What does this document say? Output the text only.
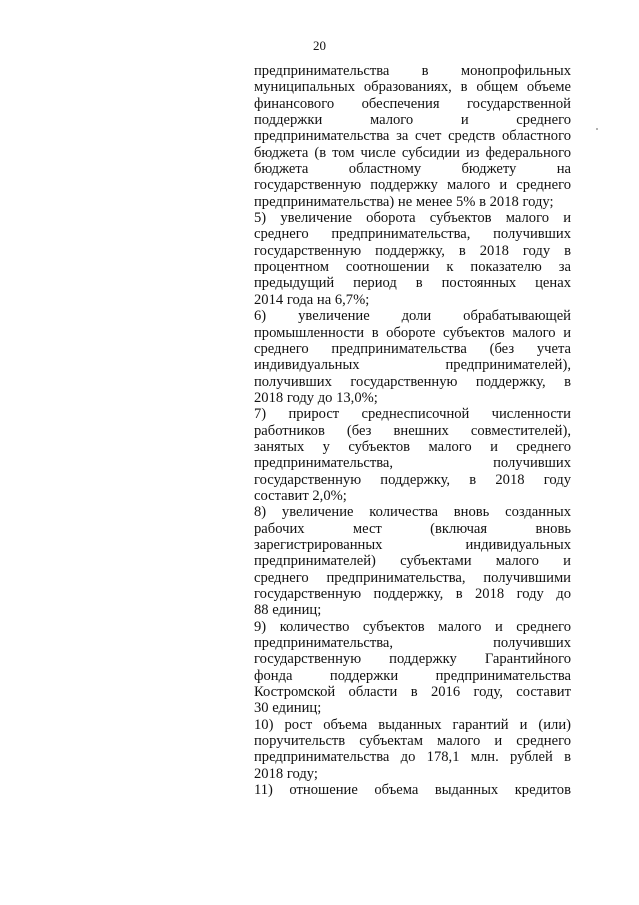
20
предпринимательства в монопрофильных
муниципальных образованиях, в общем объеме
финансового обеспечения государственной
поддержки малого и среднего
предпринимательства за счет средств областного
бюджета (в том числе субсидии из федерального
бюджета областному бюджету на
государственную поддержку малого и среднего
предпринимательства) не менее 5% в 2018 году;
5) увеличение оборота субъектов малого и
среднего предпринимательства, получивших
государственную поддержку, в 2018 году в
процентном соотношении к показателю за
предыдущий период в постоянных ценах
2014 года на 6,7%;
6) увеличение доли обрабатывающей
промышленности в обороте субъектов малого и
среднего предпринимательства (без учета
индивидуальных предпринимателей),
получивших государственную поддержку, в
2018 году до 13,0%;
7) прирост среднесписочной численности
работников (без внешних совместителей),
занятых у субъектов малого и среднего
предпринимательства, получивших
государственную поддержку, в 2018 году
составит 2,0%;
8) увеличение количества вновь созданных
рабочих мест (включая вновь
зарегистрированных индивидуальных
предпринимателей) субъектами малого и
среднего предпринимательства, получившими
государственную поддержку, в 2018 году до
88 единиц;
9) количество субъектов малого и среднего
предпринимательства, получивших
государственную поддержку Гарантийного
фонда поддержки предпринимательства
Костромской области в 2016 году, составит
30 единиц;
10) рост объема выданных гарантий и (или)
поручительств субъектам малого и среднего
предпринимательства до 178,1 млн. рублей в
2018 году;
11) отношение объема выданных кредитов
